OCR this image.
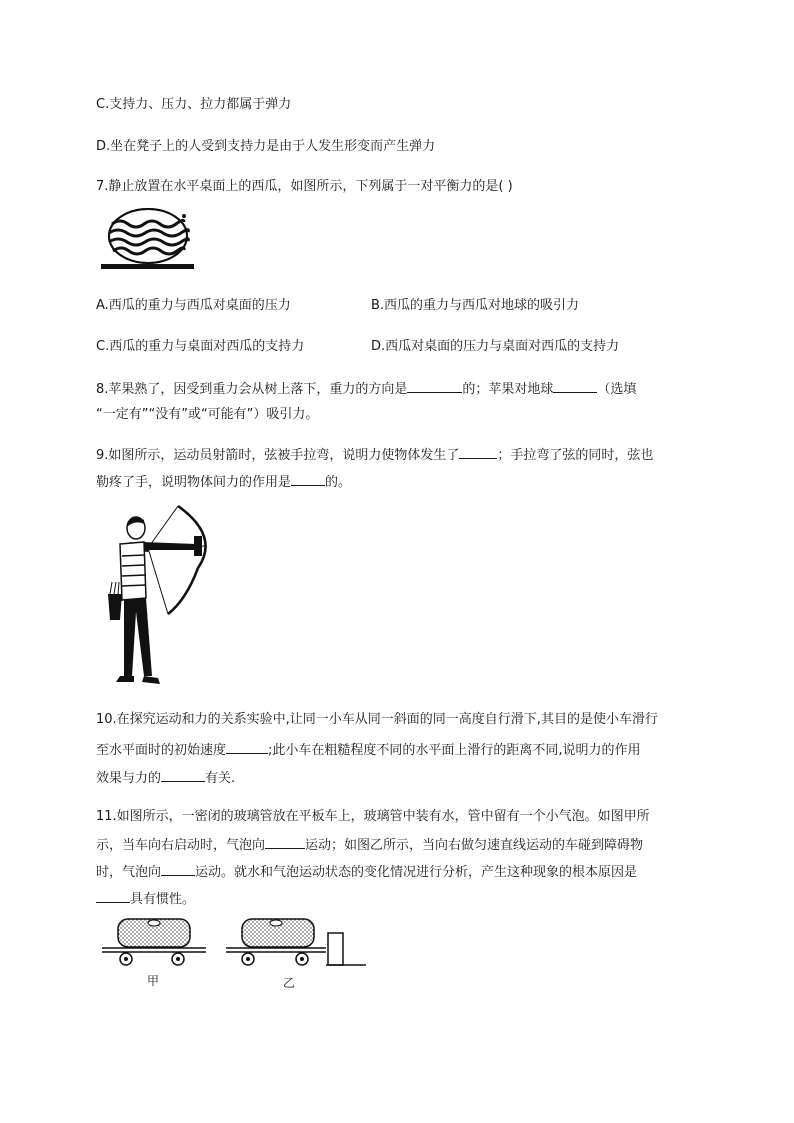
C.支持力、压力、拉力都属于弹力
D.坐在凳子上的人受到支持力是由于人发生形变而产生弹力
7.静止放置在水平桌面上的西瓜，如图所示，下列属于一对平衡力的是( )
A.西瓜的重力与西瓜对桌面的压力	B.西瓜的重力与西瓜对地球的吸引力
C.西瓜的重力与桌面对西瓜的支持力	D.西瓜对桌面的压力与桌面对西瓜的支持力
8.苹果熟了，因受到重力会从树上落下，重力的方向是	的；苹果对地球	（选填
“一定有”“没有”或“可能有”）吸引力。
9.如图所示，运动员射箭时，弦被手拉弯，说明力使物体发生了	；手拉弯了弦的同时，弦也
勒疼了手，说明物体间力的作用是	的。
10.在探究运动和力的关系实验中,让同一小车从同一斜面的同一高度自行滑下,其目的是使小车滑行
至水平面时的初始速度	;此小车在粗糙程度不同的水平面上滑行的距离不同,说明力的作用
效果与力的	有关.
11.如图所示，一密闭的玻璃管放在平板车上，玻璃管中装有水，管中留有一个小气泡。如图甲所
示，当车向右启动时，气泡向	运动；如图乙所示，当向右做匀速直线运动的车碰到障碍物
时，气泡向	运动。就水和气泡运动状态的变化情况进行分析，产生这种现象的根本原因是
具有惯性。
甲	乙
